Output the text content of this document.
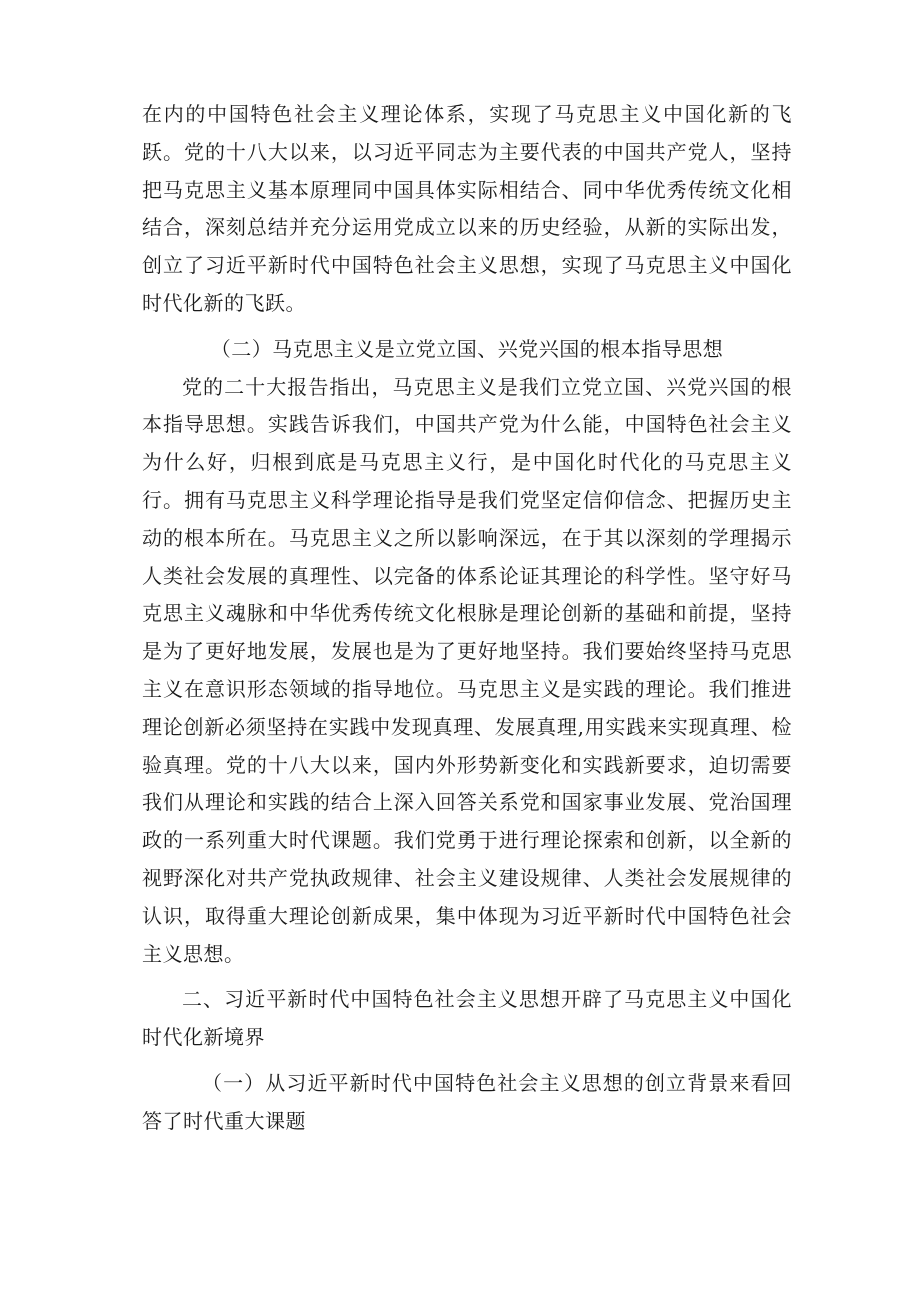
在内的中国特色社会主义理论体系，实现了马克思主义中国化新的飞跃。党的十八大以来，以习近平同志为主要代表的中国共产党人，坚持把马克思主义基本原理同中国具体实际相结合、同中华优秀传统文化相结合，深刻总结并充分运用党成立以来的历史经验，从新的实际出发，创立了习近平新时代中国特色社会主义思想，实现了马克思主义中国化时代化新的飞跃。

（二）马克思主义是立党立国、兴党兴国的根本指导思想

党的二十大报告指出，马克思主义是我们立党立国、兴党兴国的根本指导思想。实践告诉我们，中国共产党为什么能，中国特色社会主义为什么好，归根到底是马克思主义行，是中国化时代化的马克思主义行。拥有马克思主义科学理论指导是我们党坚定信仰信念、把握历史主动的根本所在。马克思主义之所以影响深远，在于其以深刻的学理揭示人类社会发展的真理性、以完备的体系论证其理论的科学性。坚守好马克思主义魂脉和中华优秀传统文化根脉是理论创新的基础和前提，坚持是为了更好地发展，发展也是为了更好地坚持。我们要始终坚持马克思主义在意识形态领域的指导地位。马克思主义是实践的理论。我们推进理论创新必须坚持在实践中发现真理、发展真理,用实践来实现真理、检验真理。党的十八大以来，国内外形势新变化和实践新要求，迫切需要我们从理论和实践的结合上深入回答关系党和国家事业发展、党治国理政的一系列重大时代课题。我们党勇于进行理论探索和创新，以全新的视野深化对共产党执政规律、社会主义建设规律、人类社会发展规律的认识，取得重大理论创新成果，集中体现为习近平新时代中国特色社会主义思想。

二、习近平新时代中国特色社会主义思想开辟了马克思主义中国化时代化新境界

（一）从习近平新时代中国特色社会主义思想的创立背景来看回答了时代重大课题
